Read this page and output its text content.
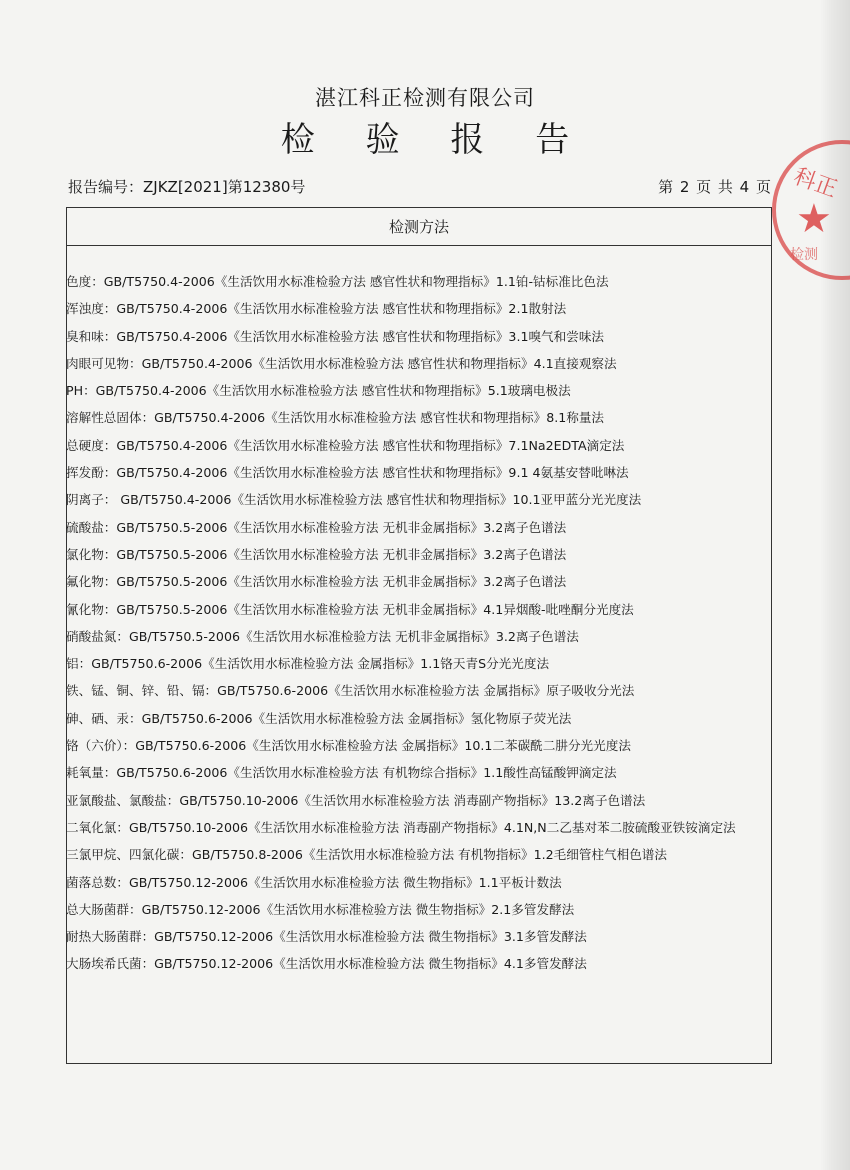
湛江科正检测有限公司
检 验 报 告
报告编号：ZJKZ[2021]第12380号	第 2 页 共 4 页
检测方法
色度：GB/T5750.4-2006《生活饮用水标准检验方法 感官性状和物理指标》1.1铂-钴标准比色法
浑浊度：GB/T5750.4-2006《生活饮用水标准检验方法 感官性状和物理指标》2.1散射法
臭和味：GB/T5750.4-2006《生活饮用水标准检验方法 感官性状和物理指标》3.1嗅气和尝味法
肉眼可见物：GB/T5750.4-2006《生活饮用水标准检验方法 感官性状和物理指标》4.1直接观察法
PH：GB/T5750.4-2006《生活饮用水标准检验方法 感官性状和物理指标》5.1玻璃电极法
溶解性总固体：GB/T5750.4-2006《生活饮用水标准检验方法 感官性状和物理指标》8.1称量法
总硬度：GB/T5750.4-2006《生活饮用水标准检验方法 感官性状和物理指标》7.1Na2EDTA滴定法
挥发酚：GB/T5750.4-2006《生活饮用水标准检验方法 感官性状和物理指标》9.1 4氨基安替吡啉法
阴离子： GB/T5750.4-2006《生活饮用水标准检验方法 感官性状和物理指标》10.1亚甲蓝分光光度法
硫酸盐：GB/T5750.5-2006《生活饮用水标准检验方法 无机非金属指标》3.2离子色谱法
氯化物：GB/T5750.5-2006《生活饮用水标准检验方法 无机非金属指标》3.2离子色谱法
氟化物：GB/T5750.5-2006《生活饮用水标准检验方法 无机非金属指标》3.2离子色谱法
氰化物：GB/T5750.5-2006《生活饮用水标准检验方法 无机非金属指标》4.1异烟酸-吡唑酮分光度法
硝酸盐氮：GB/T5750.5-2006《生活饮用水标准检验方法 无机非金属指标》3.2离子色谱法
铝：GB/T5750.6-2006《生活饮用水标准检验方法 金属指标》1.1铬天青S分光光度法
铁、锰、铜、锌、铅、镉：GB/T5750.6-2006《生活饮用水标准检验方法 金属指标》原子吸收分光法
砷、硒、汞：GB/T5750.6-2006《生活饮用水标准检验方法 金属指标》氢化物原子荧光法
铬（六价）：GB/T5750.6-2006《生活饮用水标准检验方法 金属指标》10.1二苯碳酰二肼分光光度法
耗氧量：GB/T5750.6-2006《生活饮用水标准检验方法 有机物综合指标》1.1酸性高锰酸钾滴定法
亚氯酸盐、氯酸盐：GB/T5750.10-2006《生活饮用水标准检验方法 消毒副产物指标》13.2离子色谱法
二氧化氯：GB/T5750.10-2006《生活饮用水标准检验方法 消毒副产物指标》4.1N,N二乙基对苯二胺硫酸亚铁铵滴定法
三氯甲烷、四氯化碳：GB/T5750.8-2006《生活饮用水标准检验方法 有机物指标》1.2毛细管柱气相色谱法
菌落总数：GB/T5750.12-2006《生活饮用水标准检验方法 微生物指标》1.1平板计数法
总大肠菌群：GB/T5750.12-2006《生活饮用水标准检验方法 微生物指标》2.1多管发酵法
耐热大肠菌群：GB/T5750.12-2006《生活饮用水标准检验方法 微生物指标》3.1多管发酵法
大肠埃希氏菌：GB/T5750.12-2006《生活饮用水标准检验方法 微生物指标》4.1多管发酵法
科正
★
检测
